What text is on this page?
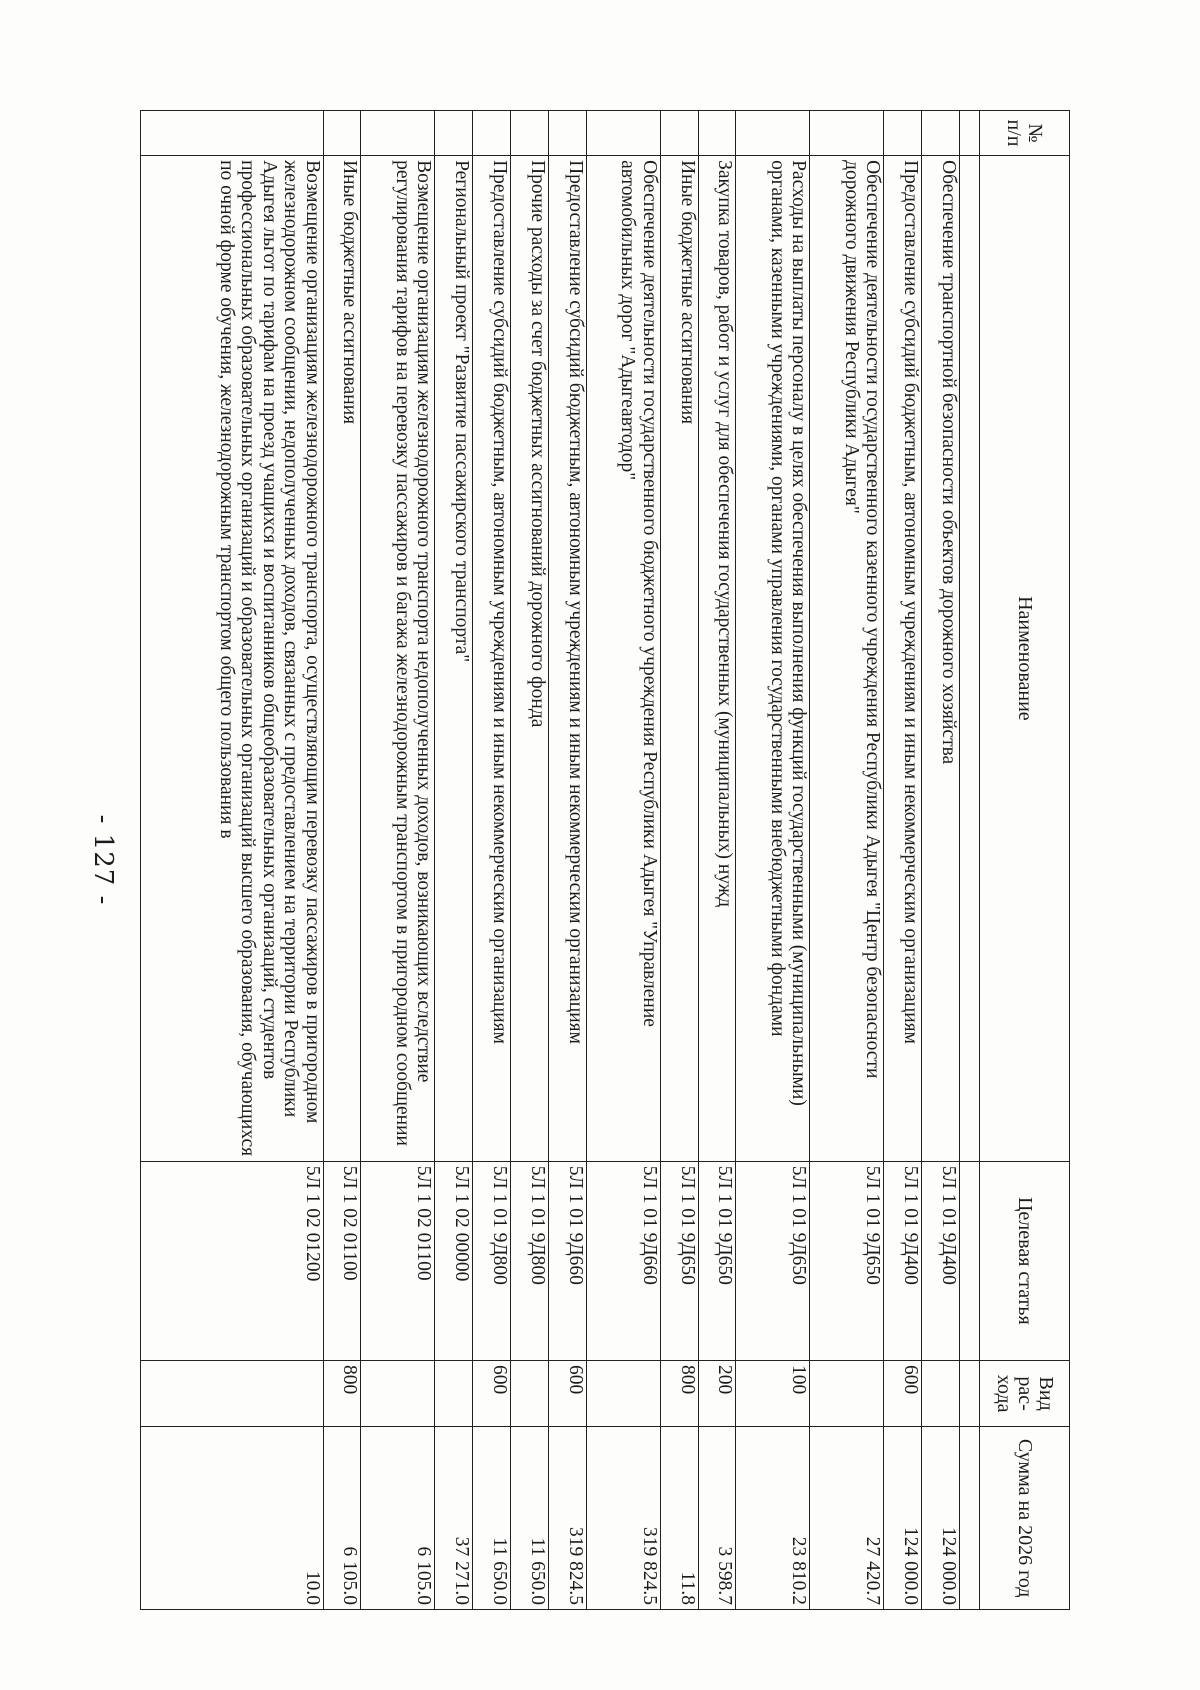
№ п/п	Наименование	Целевая статья	Вид рас- хода	Сумма на 2026 год

	Обеспечение транспортной безопасности объектов дорожного хозяйства	5Л 1 01 9Д400		124 000.0
	Предоставление субсидий бюджетным, автономным учреждениям и иным некоммерческим организациям	5Л 1 01 9Д400	600	124 000.0
	Обеспечение деятельности государственного казенного учреждения Республики Адыгея "Центр безопасности дорожного движения Республики Адыгея"	5Л 1 01 9Д650		27 420.7
	Расходы на выплаты персоналу в целях обеспечения выполнения функций государственными (муниципальными) органами, казенными учреждениями, органами управления государственными внебюджетными фондами	5Л 1 01 9Д650	100	23 810.2
	Закупка товаров, работ и услуг для обеспечения государственных (муниципальных) нужд	5Л 1 01 9Д650	200	3 598.7
	Иные бюджетные ассигнования	5Л 1 01 9Д650	800	11.8
	Обеспечение деятельности государственного бюджетного учреждения Республики Адыгея "Управление автомобильных дорог "Адыгеавтодор"	5Л 1 01 9Д660		319 824.5
	Предоставление субсидий бюджетным, автономным учреждениям и иным некоммерческим организациям	5Л 1 01 9Д660	600	319 824.5
	Прочие расходы за счет бюджетных ассигнований дорожного фонда	5Л 1 01 9Д800		11 650.0
	Предоставление субсидий бюджетным, автономным учреждениям и иным некоммерческим организациям	5Л 1 01 9Д800	600	11 650.0
	Региональный проект "Развитие пассажирского транспорта"	5Л 1 02 00000		37 271.0
	Возмещение организациям железнодорожного транспорта недополученных доходов, возникающих вследствие регулирования тарифов на перевозку пассажиров и багажа железнодорожным транспортом в пригородном сообщении	5Л 1 02 01100		6 105.0
	Иные бюджетные ассигнования	5Л 1 02 01100	800	6 105.0
	Возмещение организациям железнодорожного транспорта, осуществляющим перевозку пассажиров в пригородном железнодорожном сообщении, недополученных доходов, связанных с предоставлением на территории Республики Адыгея льгот по тарифам на проезд учащихся и воспитанников общеобразовательных организаций, студентов профессиональных образовательных организаций и образовательных организаций высшего образования, обучающихся по очной форме обучения, железнодорожным транспортом общего пользования в	5Л 1 02 01200		10.0
- 127 -
